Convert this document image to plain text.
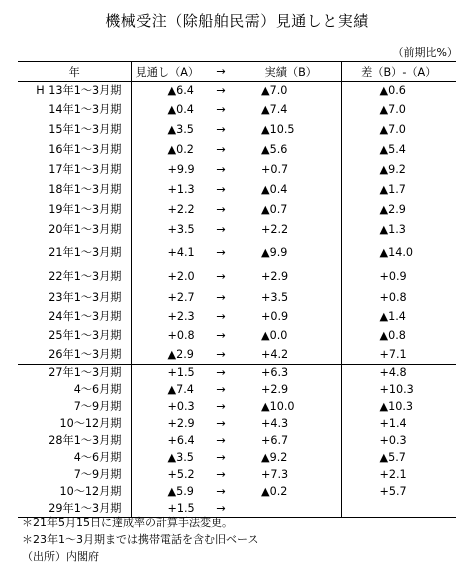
機械受注（除船舶民需）見通しと実績
（前期比%）
年	見通し（A）	→	実績（B）	差（B）-（A）
H 13年1～3月期	▲6.4	→	▲7.0	▲0.6
14年1～3月期	▲0.4	→	▲7.4	▲7.0
15年1～3月期	▲3.5	→	▲10.5	▲7.0
16年1～3月期	▲0.2	→	▲5.6	▲5.4
17年1～3月期	+9.9	→	+0.7	▲9.2
18年1～3月期	+1.3	→	▲0.4	▲1.7
19年1～3月期	+2.2	→	▲0.7	▲2.9
20年1～3月期	+3.5	→	+2.2	▲1.3
21年1～3月期	+4.1	→	▲9.9	▲14.0
22年1～3月期	+2.0	→	+2.9	+0.9
23年1～3月期	+2.7	→	+3.5	+0.8
24年1～3月期	+2.3	→	+0.9	▲1.4
25年1～3月期	+0.8	→	▲0.0	▲0.8
26年1～3月期	▲2.9	→	+4.2	+7.1
27年1～3月期	+1.5	→	+6.3	+4.8
4～6月期	▲7.4	→	+2.9	+10.3
7～9月期	+0.3	→	▲10.0	▲10.3
10～12月期	+2.9	→	+4.3	+1.4
28年1～3月期	+6.4	→	+6.7	+0.3
4～6月期	▲3.5	→	▲9.2	▲5.7
7～9月期	+5.2	→	+7.3	+2.1
10～12月期	▲5.9	→	▲0.2	+5.7
29年1～3月期	+1.5	→		
＊21年5月15日に達成率の計算手法変更。
＊23年1～3月期までは携帯電話を含む旧ベース
（出所）内閣府
